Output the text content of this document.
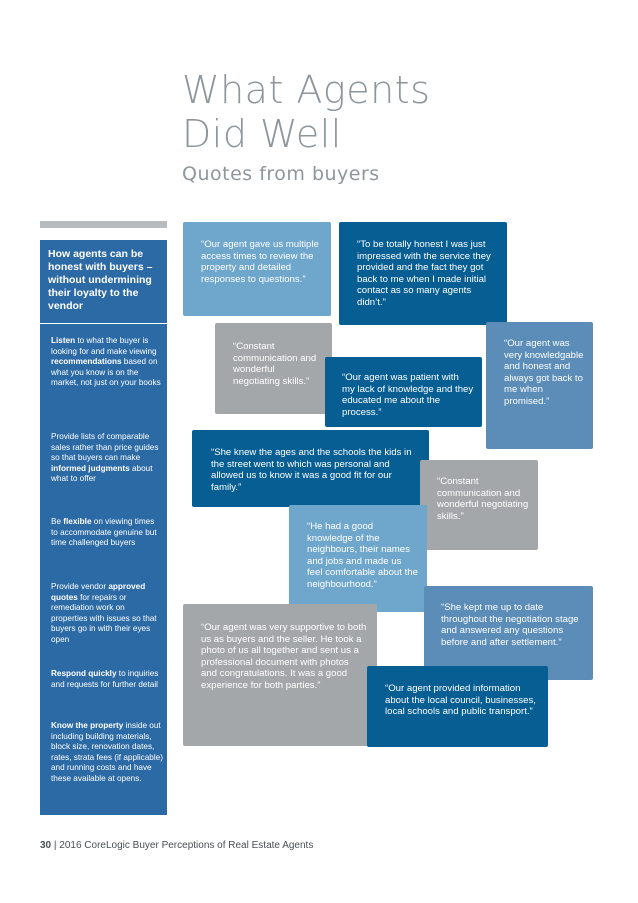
What Agents
Did Well
Quotes from buyers
How agents can be honest with buyers – without undermining their loyalty to the vendor
Listen to what the buyer is looking for and make viewing recommendations based on what you know is on the market, not just on your books
Provide lists of comparable sales rather than price guides so that buyers can make informed judgments about what to offer
Be flexible on viewing times to accommodate genuine but time challenged buyers
Provide vendor approved quotes for repairs or remediation work on properties with issues so that buyers go in with their eyes open
Respond quickly to inquiries and requests for further detail
Know the property inside out including building materials, block size, renovation dates, rates, strata fees (if applicable) and running costs and have these available at opens.
“Our agent gave us multiple access times to review the property and detailed responses to questions.”
“To be totally honest I was just impressed with the service they provided and the fact they got back to me when I made initial contact as so many agents didn’t.”
“Constant communication and wonderful negotiating skills.”
“Our agent was very knowledgable and honest and always got back to me when promised.”
“Our agent was patient with my lack of knowledge and they educated me about the process.”
“She knew the ages and the schools the kids in the street went to which was personal and allowed us to know it was a good fit for our family.”
“Constant communication and wonderful negotiating skills.”
“He had a good knowledge of the neighbours, their names and jobs and made us feel comfortable about the neighbourhood.”
“Our agent was very supportive to both us as buyers and the seller. He took a photo of us all together and sent us a professional document with photos and congratulations. It was a good experience for both parties.”
“She kept me up to date throughout the negotiation stage and answered any questions before and after settlement.”
“Our agent provided information about the local council, businesses, local schools and public transport.”
30 | 2016 CoreLogic Buyer Perceptions of Real Estate Agents
